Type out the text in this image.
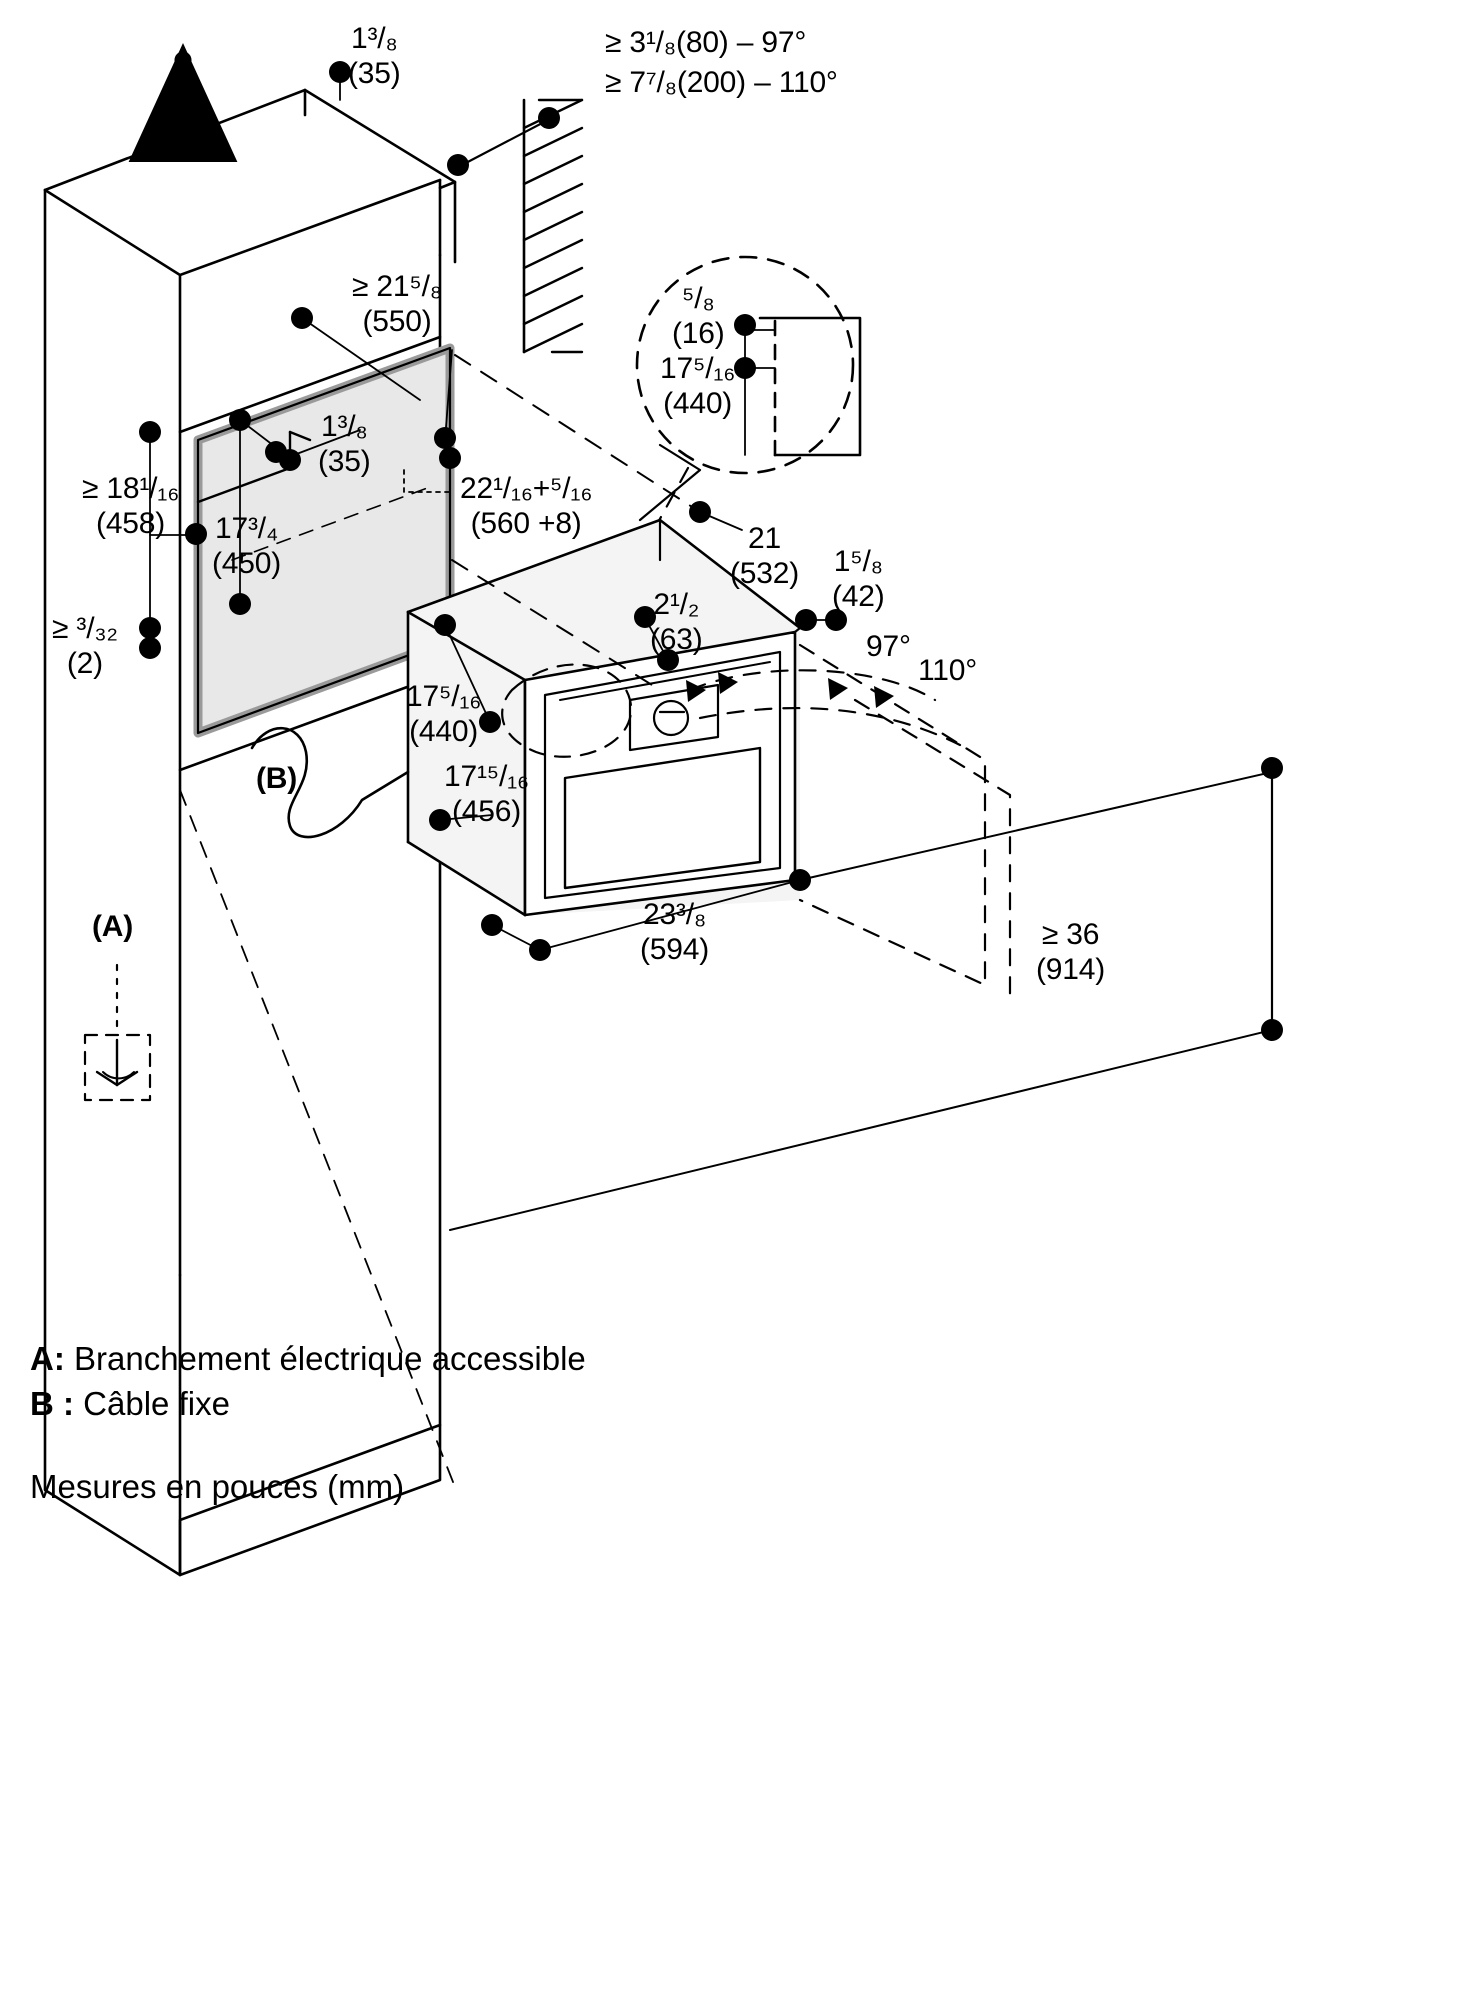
1³/₈
(35)
≥ 3¹/₈(80) – 97°
≥ 7⁷/₈(200) – 110°
≥ 21⁵/₈
(550)
⁵/₈
(16)
17⁵/₁₆
(440)
1³/₈
(35)
≥ 18¹/₁₆
(458)	17³/₄
(450)
22¹/₁₆+⁵/₁₆
(560 +8)
≥ ³/₃₂
(2)
21
(532) 1⁵/₈
(42)
2¹/₂
(63)	97°
110°
17⁵/₁₆
(440)
(B)	17¹⁵/₁₆
(456)
23³/₈
(594)	≥ 36
(914)
(A)
A: Branchement électrique accessible
B : Câble fixe
Mesures en pouces (mm)
